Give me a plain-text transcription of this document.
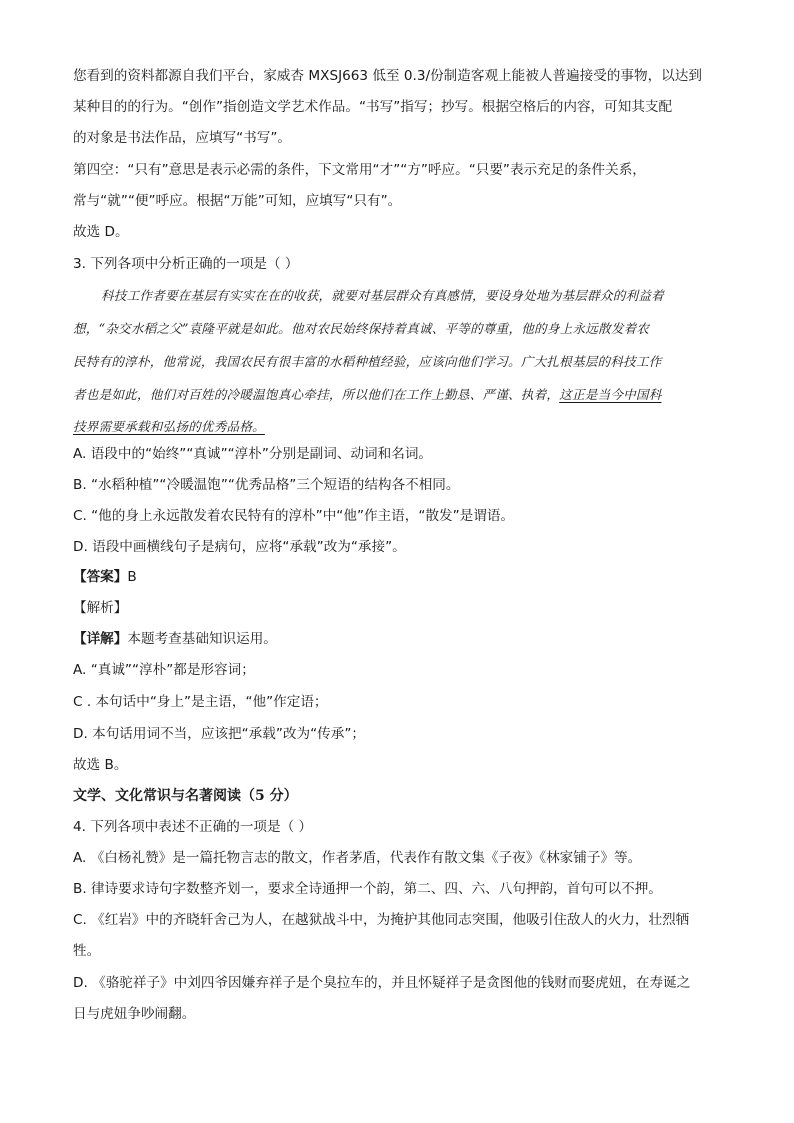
您看到的资料都源自我们平台，家威杏 MXSJ663 低至 0.3/份制造客观上能被人普遍接受的事物，以达到
某种目的的行为。“创作”指创造文学艺术作品。“书写”指写；抄写。根据空格后的内容，可知其支配
的对象是书法作品，应填写“书写”。
第四空：“只有”意思是表示必需的条件，下文常用“才”“方”呼应。“只要”表示充足的条件关系，
常与“就”“便”呼应。根据“万能”可知，应填写“只有”。
故选 D。
3. 下列各项中分析正确的一项是（ ）
科技工作者要在基层有实实在在的收获，就要对基层群众有真感情，要设身处地为基层群众的利益着
想，“杂交水稻之父”袁隆平就是如此。他对农民始终保持着真诚、平等的尊重，他的身上永远散发着农
民特有的淳朴，他常说，我国农民有很丰富的水稻种植经验，应该向他们学习。广大扎根基层的科技工作
者也是如此，他们对百姓的冷暖温饱真心牵挂，所以他们在工作上勤恳、严谨、执着，这正是当今中国科
技界需要承载和弘扬的优秀品格。
A. 语段中的“始终”“真诚”“淳朴”分别是副词、动词和名词。
B. “水稻种植”“冷暖温饱”“优秀品格”三个短语的结构各不相同。
C. “他的身上永远散发着农民特有的淳朴”中“他”作主语，“散发”是谓语。
D. 语段中画横线句子是病句，应将“承载”改为“承接”。
【答案】B
【解析】
【详解】本题考查基础知识运用。
A. “真诚”“淳朴”都是形容词；
C . 本句话中“身上”是主语，“他”作定语；
D. 本句话用词不当，应该把“承载”改为“传承”；
故选 B。
文学、文化常识与名著阅读（5 分）
4. 下列各项中表述不正确的一项是（ ）
A. 《白杨礼赞》是一篇托物言志的散文，作者茅盾，代表作有散文集《子夜》《林家铺子》等。
B. 律诗要求诗句字数整齐划一，要求全诗通押一个韵，第二、四、六、八句押韵，首句可以不押。
C. 《红岩》中的齐晓轩舍己为人，在越狱战斗中，为掩护其他同志突围，他吸引住敌人的火力，壮烈牺
牲。
D. 《骆驼祥子》中刘四爷因嫌弃祥子是个臭拉车的，并且怀疑祥子是贪图他的钱财而娶虎妞，在寿诞之
日与虎妞争吵闹翻。
